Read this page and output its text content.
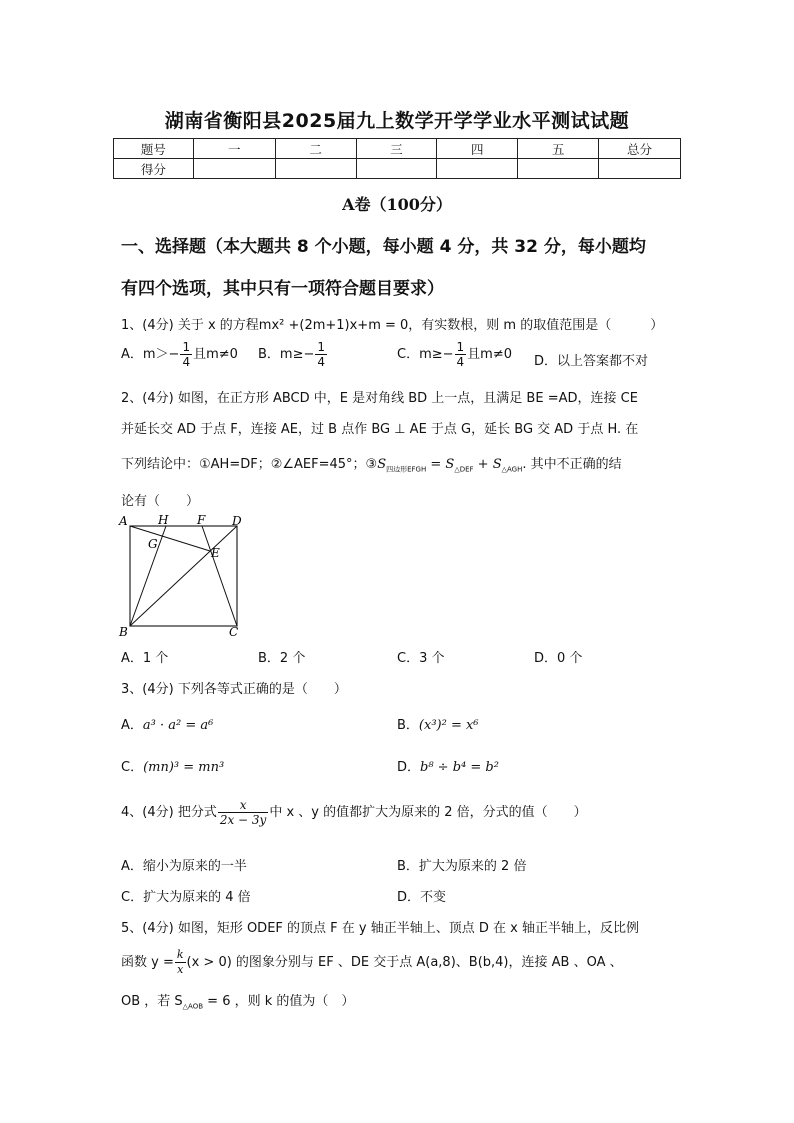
湖南省衡阳县2025届九上数学开学学业水平测试试题
题号	一	二	三	四	五	总分
得分						
A卷（100分）
一、选择题（本大题共 8 个小题，每小题 4 分，共 32 分，每小题均
有四个选项，其中只有一项符合题目要求）
1、(4分) 关于 x 的方程mx² +(2m+1)x+m = 0，有实数根，则 m 的取值范围是（　　　）
A．$m>- \frac{1}{4}$ 且m≠0 B．$m\ge- \frac{1}{4}$	C．$m\ge- \frac{1}{4}$ 且m≠0 D．以上答案都不对
2、(4分) 如图，在正方形 ABCD 中，E 是对角线 BD 上一点，且满足 BE =AD，连接 CE
并延长交 AD 于点 F，连接 AE，过 B 点作 BG ⊥ AE 于点 G，延长 BG 交 AD 于点 H. 在
下列结论中：①AH=DF；②∠AEF=45°；$③S_{四边形EFGH} = S_{\triangle DEF} + S_{\triangle AGH}$. 其中不正确的结
论有（　　）
A	H F D
G
E
B	C
A．1 个	B．2 个	C．3 个	D．0 个
3、(4分) 下列各等式正确的是（　　）
A．a³ · a² = a⁶	B．(x³)² = x⁶
C．(mn)³ = mn³	D．b⁸ ÷ b⁴ = b²
4、(4分) 把分式 $\frac{x}{2x - 3y}$ 中 x 、y 的值都扩大为原来的 2 倍，分式的值（　　）
A．缩小为原来的一半	B．扩大为原来的 2 倍
C．扩大为原来的 4 倍	D．不变
5、(4分) 如图，矩形 ODEF 的顶点 F 在 y 轴正半轴上、顶点 D 在 x 轴正半轴上，反比例
函数 $y = \frac{k}{x} (x > 0)$ 的图象分别与 EF 、DE 交于点 A(a,8)、B(b,4)，连接 AB 、OA 、
OB ，若 $S_{\triangle AOB} = 6$ ，则 k 的值为（　）
